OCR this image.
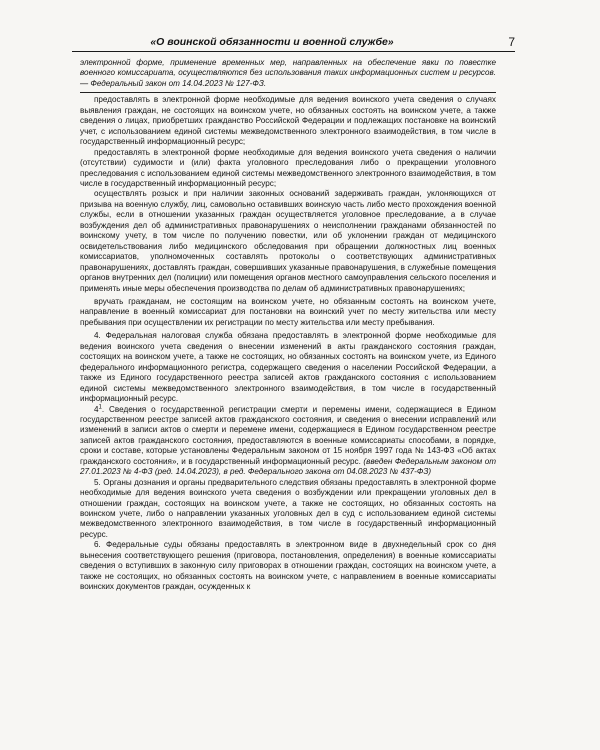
«О воинской обязанности и военной службе»	7

электронной форме, применение временных мер, направленных на обеспечение явки по повестке военного комиссариата, осуществляются без использования таких информационных систем и ресурсов. — Федеральный закон от 14.04.2023 № 127-ФЗ.

предоставлять в электронной форме необходимые для ведения воинского учета сведения о случаях выявления граждан, не состоящих на воинском учете, но обязанных состоять на воинском учете, а также сведения о лицах, приобретших гражданство Российской Федерации и подлежащих постановке на воинский учет, с использованием единой системы межведомственного электронного взаимодействия, в том числе в государственный информационный ресурс;

предоставлять в электронной форме необходимые для ведения воинского учета сведения о наличии (отсутствии) судимости и (или) факта уголовного преследования либо о прекращении уголовного преследования с использованием единой системы межведомственного электронного взаимодействия, в том числе в государственный информационный ресурс;

осуществлять розыск и при наличии законных оснований задерживать граждан, уклоняющихся от призыва на военную службу, лиц, самовольно оставивших воинскую часть либо место прохождения военной службы, если в отношении указанных граждан осуществляется уголовное преследование, а в случае возбуждения дел об административных правонарушениях о неисполнении гражданами обязанностей по воинскому учету, в том числе по получению повестки, или об уклонении граждан от медицинского освидетельствования либо медицинского обследования при обращении должностных лиц военных комиссариатов, уполномоченных составлять протоколы о соответствующих административных правонарушениях, доставлять граждан, совершивших указанные правонарушения, в служебные помещения органов внутренних дел (полиции) или помещения органов местного самоуправления сельского поселения и применять иные меры обеспечения производства по делам об административных правонарушениях;

вручать гражданам, не состоящим на воинском учете, но обязанным состоять на воинском учете, направление в военный комиссариат для постановки на воинский учет по месту жительства или месту пребывания при осуществлении их регистрации по месту жительства или месту пребывания.

4. Федеральная налоговая служба обязана предоставлять в электронной форме необходимые для ведения воинского учета сведения о внесении изменений в акты гражданского состояния граждан, состоящих на воинском учете, а также не состоящих, но обязанных состоять на воинском учете, из Единого федерального информационного регистра, содержащего сведения о населении Российской Федерации, а также из Единого государственного реестра записей актов гражданского состояния с использованием единой системы межведомственного электронного взаимодействия, в том числе в государственный информационный ресурс.

$4^1$. Сведения о государственной регистрации смерти и перемены имени, содержащиеся в Едином государственном реестре записей актов гражданского состояния, и сведения о внесении исправлений или изменений в записи актов о смерти и перемене имени, содержащиеся в Едином государственном реестре записей актов гражданского состояния, предоставляются в военные комиссариаты способами, в порядке, сроки и составе, которые установлены Федеральным законом от 15 ноября 1997 года № 143-ФЗ «Об актах гражданского состояния», и в государственный информационный ресурс. (введен Федеральным законом от 27.01.2023 № 4-ФЗ (ред. 14.04.2023), в ред. Федерального закона от 04.08.2023 № 437-ФЗ)

5. Органы дознания и органы предварительного следствия обязаны предоставлять в электронной форме необходимые для ведения воинского учета сведения о возбуждении или прекращении уголовных дел в отношении граждан, состоящих на воинском учете, а также не состоящих, но обязанных состоять на воинском учете, либо о направлении указанных уголовных дел в суд с использованием единой системы межведомственного электронного взаимодействия, в том числе в государственный информационный ресурс.

6. Федеральные суды обязаны предоставлять в электронном виде в двухнедельный срок со дня вынесения соответствующего решения (приговора, постановления, определения) в военные комиссариаты сведения о вступивших в законную силу приговорах в отношении граждан, состоящих на воинском учете, а также не состоящих, но обязанных состоять на воинском учете, с направлением в военные комиссариаты воинских документов граждан, осужденных к
